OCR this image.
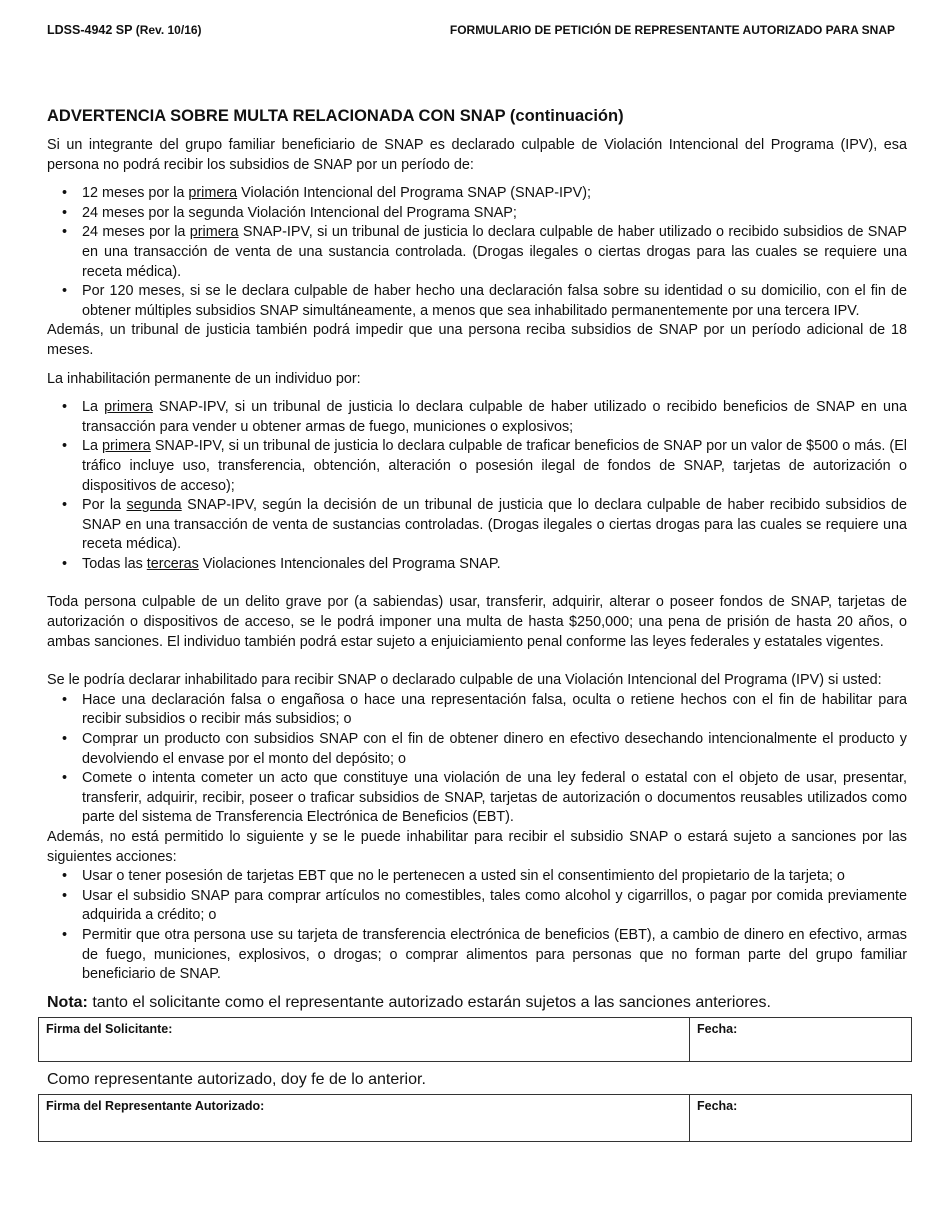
LDSS-4942 SP (Rev. 10/16)	FORMULARIO DE PETICIÓN DE REPRESENTANTE AUTORIZADO PARA SNAP
ADVERTENCIA SOBRE MULTA RELACIONADA CON SNAP (continuación)

Si un integrante del grupo familiar beneficiario de SNAP es declarado culpable de Violación Intencional del Programa (IPV), esa persona no podrá recibir los subsidios de SNAP por un período de:

• 12 meses por la primera Violación Intencional del Programa SNAP (SNAP-IPV);
• 24 meses por la segunda Violación Intencional del Programa SNAP;
• 24 meses por la primera SNAP-IPV, si un tribunal de justicia lo declara culpable de haber utilizado o recibido subsidios de SNAP en una transacción de venta de una sustancia controlada. (Drogas ilegales o ciertas drogas para las cuales se requiere una receta médica).
• Por 120 meses, si se le declara culpable de haber hecho una declaración falsa sobre su identidad o su domicilio, con el fin de obtener múltiples subsidios SNAP simultáneamente, a menos que sea inhabilitado permanentemente por una tercera IPV.

Además, un tribunal de justicia también podrá impedir que una persona reciba subsidios de SNAP por un período adicional de 18 meses.

La inhabilitación permanente de un individuo por:

• La primera SNAP-IPV, si un tribunal de justicia lo declara culpable de haber utilizado o recibido beneficios de SNAP en una transacción para vender u obtener armas de fuego, municiones o explosivos;
• La primera SNAP-IPV, si un tribunal de justicia lo declara culpable de traficar beneficios de SNAP por un valor de $500 o más. (El tráfico incluye uso, transferencia, obtención, alteración o posesión ilegal de fondos de SNAP, tarjetas de autorización o dispositivos de acceso);
• Por la segunda SNAP-IPV, según la decisión de un tribunal de justicia que lo declara culpable de haber recibido subsidios de SNAP en una transacción de venta de sustancias controladas. (Drogas ilegales o ciertas drogas para las cuales se requiere una receta médica).
• Todas las terceras Violaciones Intencionales del Programa SNAP.

Toda persona culpable de un delito grave por (a sabiendas) usar, transferir, adquirir, alterar o poseer fondos de SNAP, tarjetas de autorización o dispositivos de acceso, se le podrá imponer una multa de hasta $250,000; una pena de prisión de hasta 20 años, o ambas sanciones. El individuo también podrá estar sujeto a enjuiciamiento penal conforme las leyes federales y estatales vigentes.

Se le podría declarar inhabilitado para recibir SNAP o declarado culpable de una Violación Intencional del Programa (IPV) si usted:

• Hace una declaración falsa o engañosa o hace una representación falsa, oculta o retiene hechos con el fin de habilitar para recibir subsidios o recibir más subsidios; o
• Comprar un producto con subsidios SNAP con el fin de obtener dinero en efectivo desechando intencionalmente el producto y devolviendo el envase por el monto del depósito; o
• Comete o intenta cometer un acto que constituye una violación de una ley federal o estatal con el objeto de usar, presentar, transferir, adquirir, recibir, poseer o traficar subsidios de SNAP, tarjetas de autorización o documentos reusables utilizados como parte del sistema de Transferencia Electrónica de Beneficios (EBT).

Además, no está permitido lo siguiente y se le puede inhabilitar para recibir el subsidio SNAP o estará sujeto a sanciones por las siguientes acciones:

• Usar o tener posesión de tarjetas EBT que no le pertenecen a usted sin el consentimiento del propietario de la tarjeta; o
• Usar el subsidio SNAP para comprar artículos no comestibles, tales como alcohol y cigarrillos, o pagar por comida previamente adquirida a crédito; o
• Permitir que otra persona use su tarjeta de transferencia electrónica de beneficios (EBT), a cambio de dinero en efectivo, armas de fuego, municiones, explosivos, o drogas; o comprar alimentos para personas que no forman parte del grupo familiar beneficiario de SNAP.

Nota: tanto el solicitante como el representante autorizado estarán sujetos a las sanciones anteriores.

Firma del Solicitante:	Fecha:

Como representante autorizado, doy fe de lo anterior.

Firma del Representante Autorizado:	Fecha:
